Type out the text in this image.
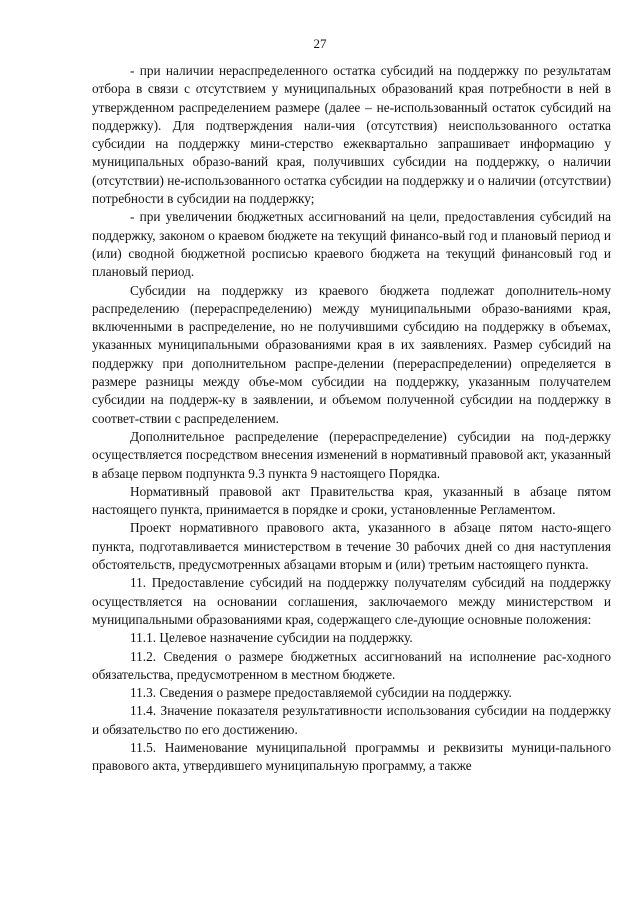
27

- при наличии нераспределенного остатка субсидий на поддержку по результатам отбора в связи с отсутствием у муниципальных образований края потребности в ней в утвержденном распределением размере (далее – не-использованный остаток субсидий на поддержку). Для подтверждения нали-чия (отсутствия) неиспользованного остатка субсидии на поддержку мини-стерство ежеквартально запрашивает информацию у муниципальных образо-ваний края, получивших субсидии на поддержку, о наличии (отсутствии) не-использованного остатка субсидии на поддержку и о наличии (отсутствии) потребности в субсидии на поддержку;

- при увеличении бюджетных ассигнований на цели, предоставления субсидий на поддержку, законом о краевом бюджете на текущий финансо-вый год и плановый период и (или) сводной бюджетной росписью краевого бюджета на текущий финансовый год и плановый период.

Субсидии на поддержку из краевого бюджета подлежат дополнитель-ному распределению (перераспределению) между муниципальными образо-ваниями края, включенными в распределение, но не получившими субсидию на поддержку в объемах, указанных муниципальными образованиями края в их заявлениях. Размер субсидий на поддержку при дополнительном распре-делении (перераспределении) определяется в размере разницы между объе-мом субсидии на поддержку, указанным получателем субсидии на поддерж-ку в заявлении, и объемом полученной субсидии на поддержку в соответ-ствии с распределением.

Дополнительное распределение (перераспределение) субсидии на под-держку осуществляется посредством внесения изменений в нормативный правовой акт, указанный в абзаце первом подпункта 9.3 пункта 9 настоящего Порядка.

Нормативный правовой акт Правительства края, указанный в абзаце пятом настоящего пункта, принимается в порядке и сроки, установленные Регламентом.

Проект нормативного правового акта, указанного в абзаце пятом насто-ящего пункта, подготавливается министерством в течение 30 рабочих дней со дня наступления обстоятельств, предусмотренных абзацами вторым и (или) третьим настоящего пункта.

11. Предоставление субсидий на поддержку получателям субсидий на поддержку осуществляется на основании соглашения, заключаемого между министерством и муниципальными образованиями края, содержащего сле-дующие основные положения:

11.1. Целевое назначение субсидии на поддержку.

11.2. Сведения о размере бюджетных ассигнований на исполнение рас-ходного обязательства, предусмотренном в местном бюджете.

11.3. Сведения о размере предоставляемой субсидии на поддержку.

11.4. Значение показателя результативности использования субсидии на поддержку и обязательство по его достижению.

11.5. Наименование муниципальной программы и реквизиты муници-пального правового акта, утвердившего муниципальную программу, а также
